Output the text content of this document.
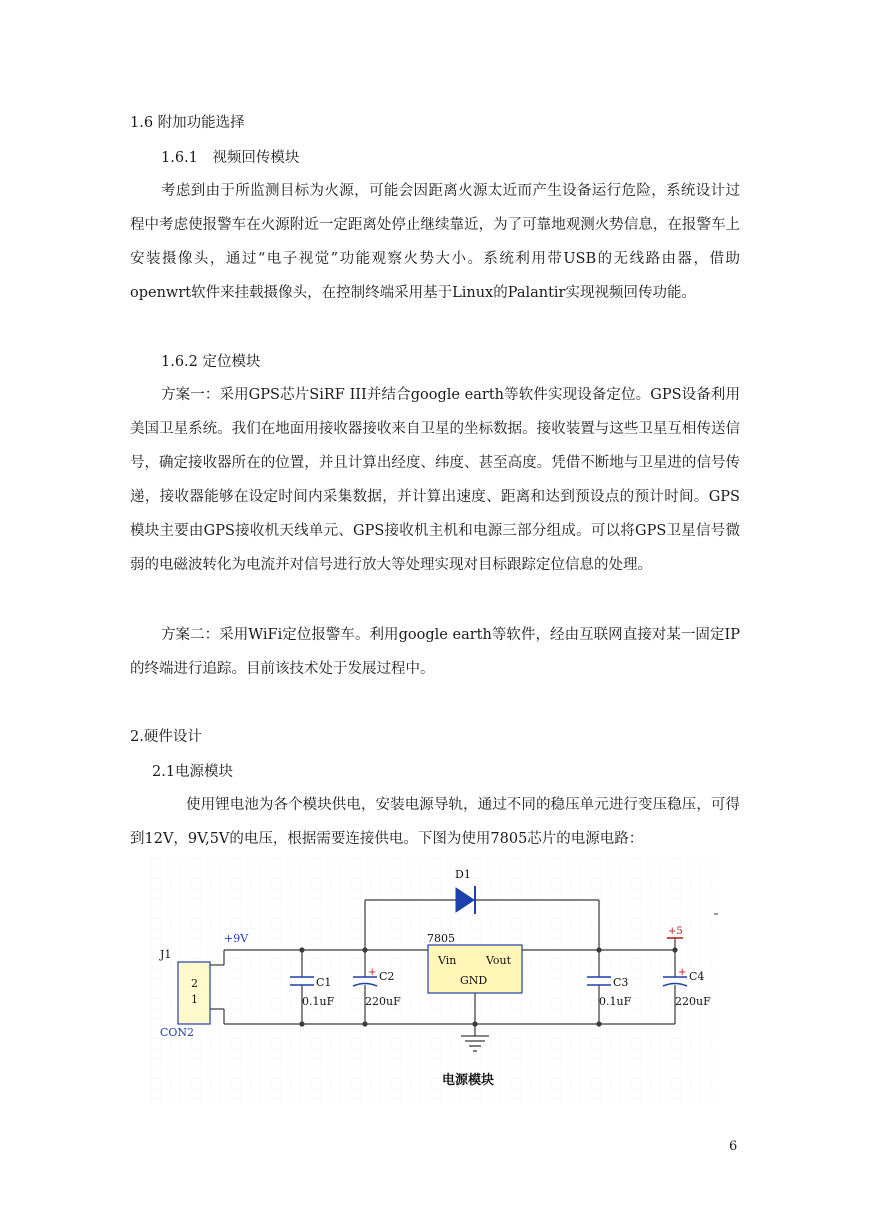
1.6 附加功能选择

1.6.1　视频回传模块

考虑到由于所监测目标为火源，可能会因距离火源太近而产生设备运行危险，系统设计过程中考虑使报警车在火源附近一定距离处停止继续靠近，为了可靠地观测火势信息，在报警车上安装摄像头，通过“电子视觉”功能观察火势大小。系统利用带USB的无线路由器，借助openwrt软件来挂载摄像头，在控制终端采用基于Linux的Palantir实现视频回传功能。

1.6.2 定位模块

方案一：采用GPS芯片SiRF III并结合google earth等软件实现设备定位。GPS设备利用美国卫星系统。我们在地面用接收器接收来自卫星的坐标数据。接收装置与这些卫星互相传送信号，确定接收器所在的位置，并且计算出经度、纬度、甚至高度。凭借不断地与卫星进的信号传递，接收器能够在设定时间内采集数据，并计算出速度、距离和达到预设点的预计时间。GPS模块主要由GPS接收机天线单元、GPS接收机主机和电源三部分组成。可以将GPS卫星信号微弱的电磁波转化为电流并对信号进行放大等处理实现对目标跟踪定位信息的处理。

方案二：采用WiFi定位报警车。利用google earth等软件，经由互联网直接对某一固定IP的终端进行追踪。目前该技术处于发展过程中。

2.硬件设计

2.1电源模块

使用锂电池为各个模块供电，安装电源导轨，通过不同的稳压单元进行变压稳压，可得到12V，9V,5V的电压，根据需要连接供电。下图为使用7805芯片的电源电路：

D1
J1
2
1
CON2
+9V
C1
0.1uF
+ C2
220uF
7805
Vin	Vout
GND	C3
0.1uF
+ C4
220uF
+5
电源模块
6
